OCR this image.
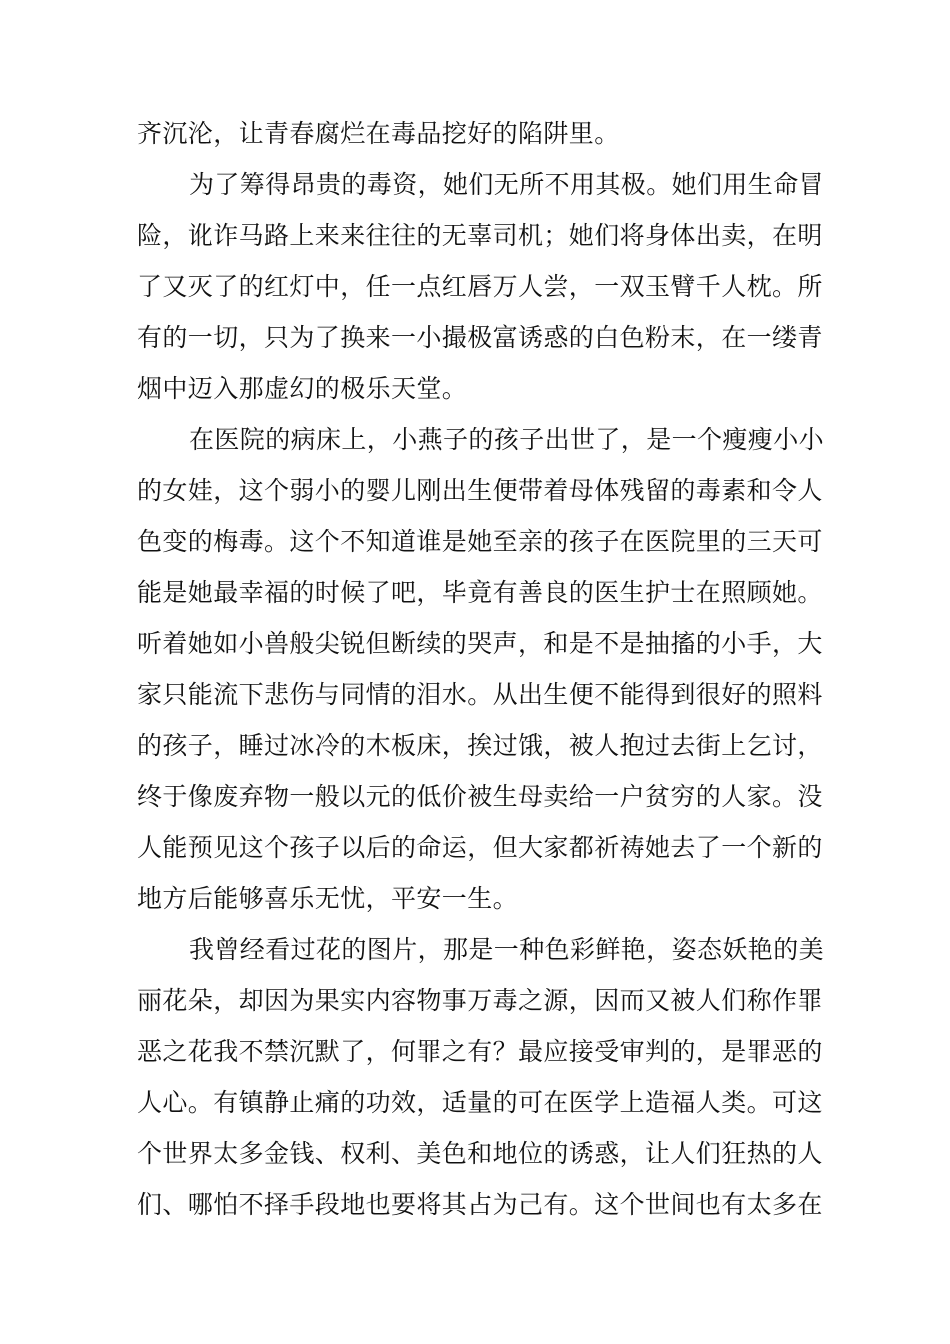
齐沉沦，让青春腐烂在毒品挖好的陷阱里。
为了筹得昂贵的毒资，她们无所不用其极。她们用生命冒
险，讹诈马路上来来往往的无辜司机；她们将身体出卖，在明
了又灭了的红灯中，任一点红唇万人尝，一双玉臂千人枕。所
有的一切，只为了换来一小撮极富诱惑的白色粉末，在一缕青
烟中迈入那虚幻的极乐天堂。
在医院的病床上，小燕子的孩子出世了，是一个瘦瘦小小
的女娃，这个弱小的婴儿刚出生便带着母体残留的毒素和令人
色变的梅毒。这个不知道谁是她至亲的孩子在医院里的三天可
能是她最幸福的时候了吧，毕竟有善良的医生护士在照顾她。
听着她如小兽般尖锐但断续的哭声，和是不是抽搐的小手，大
家只能流下悲伤与同情的泪水。从出生便不能得到很好的照料
的孩子，睡过冰冷的木板床，挨过饿，被人抱过去街上乞讨，
终于像废弃物一般以元的低价被生母卖给一户贫穷的人家。没
人能预见这个孩子以后的命运，但大家都祈祷她去了一个新的
地方后能够喜乐无忧，平安一生。
我曾经看过花的图片，那是一种色彩鲜艳，姿态妖艳的美
丽花朵，却因为果实内容物事万毒之源，因而又被人们称作罪
恶之花我不禁沉默了，何罪之有？最应接受审判的，是罪恶的
人心。有镇静止痛的功效，适量的可在医学上造福人类。可这
个世界太多金钱、权利、美色和地位的诱惑，让人们狂热的人
们、哪怕不择手段地也要将其占为己有。这个世间也有太多在
